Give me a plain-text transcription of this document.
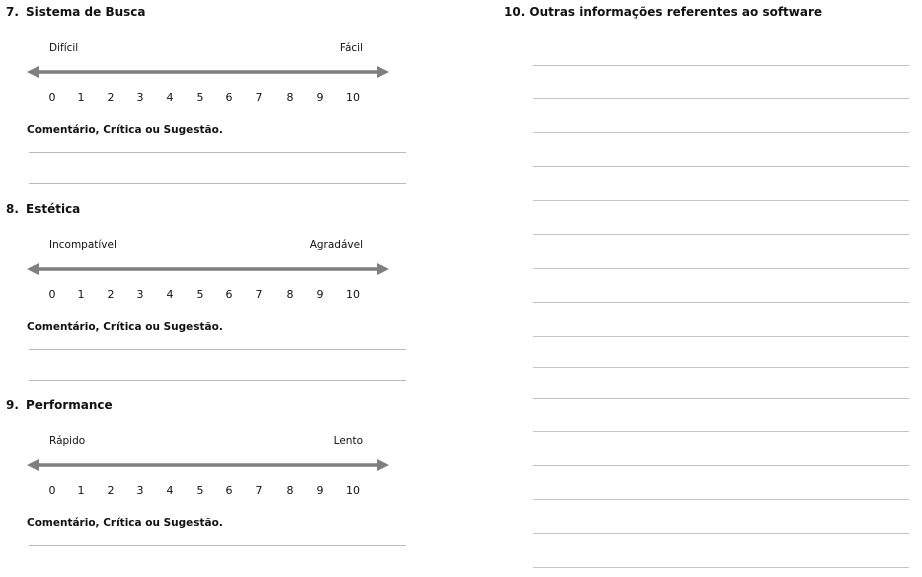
7. Sistema de Busca
Difícil	Fácil
0 1 2 3 4 5 6 7 8 9 10
Comentário, Crítica ou Sugestão.
8. Estética
Incompatível	Agradável
0 1 2 3 4 5 6 7 8 9 10
Comentário, Crítica ou Sugestão.
9. Performance
Rápido	Lento
0 1 2 3 4 5 6 7 8 9 10
Comentário, Crítica ou Sugestão.
10. Outras informações referentes ao software
